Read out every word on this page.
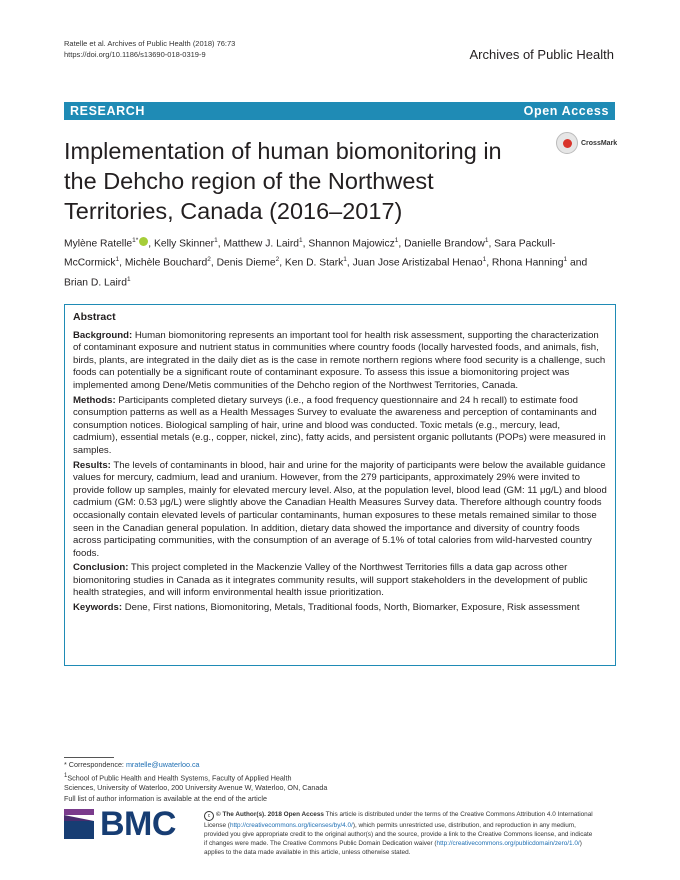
Ratelle et al. Archives of Public Health (2018) 76:73
https://doi.org/10.1186/s13690-018-0319-9	Archives of Public Health
RESEARCH	Open Access
Implementation of human biomonitoring in the Dehcho region of the Northwest Territories, Canada (2016–2017)
CrossMark
Mylène Ratelle$^{1*}$ , Kelly Skinner$^1$, Matthew J. Laird$^1$, Shannon Majowicz$^1$, Danielle Brandow$^1$, Sara Packull-McCormick$^1$, Michèle Bouchard$^2$, Denis Dieme$^2$, Ken D. Stark$^1$, Juan Jose Aristizabal Henao$^1$, Rhona Hanning$^1$ and Brian D. Laird$^1$
Abstract

Background: Human biomonitoring represents an important tool for health risk assessment, supporting the characterization of contaminant exposure and nutrient status in communities where country foods (locally harvested foods, and animals, fish, birds, plants, are integrated in the daily diet as is the case in remote northern regions where food security is a challenge, such foods can potentially be a significant route of contaminant exposure. To assess this issue a biomonitoring project was implemented among Dene/Metis communities of the Dehcho region of the Northwest Territories, Canada.

Methods: Participants completed dietary surveys (i.e., a food frequency questionnaire and 24 h recall) to estimate food consumption patterns as well as a Health Messages Survey to evaluate the awareness and perception of contaminants and consumption notices. Biological sampling of hair, urine and blood was conducted. Toxic metals (e.g., mercury, lead, cadmium), essential metals (e.g., copper, nickel, zinc), fatty acids, and persistent organic pollutants (POPs) were measured in samples.

Results: The levels of contaminants in blood, hair and urine for the majority of participants were below the available guidance values for mercury, cadmium, lead and uranium. However, from the 279 participants, approximately 29% were invited to provide follow up samples, mainly for elevated mercury level. Also, at the population level, blood lead (GM: 11 μg/L) and blood cadmium (GM: 0.53 μg/L) were slightly above the Canadian Health Measures Survey data. Therefore although country foods occasionally contain elevated levels of particular contaminants, human exposures to these metals remained similar to those seen in the Canadian general population. In addition, dietary data showed the importance and diversity of country foods across participating communities, with the consumption of an average of 5.1% of total calories from wild-harvested country foods.

Conclusion: This project completed in the Mackenzie Valley of the Northwest Territories fills a data gap across other biomonitoring studies in Canada as it integrates community results, will support stakeholders in the development of public health strategies, and will inform environmental health issue prioritization.

Keywords: Dene, First nations, Biomonitoring, Metals, Traditional foods, North, Biomarker, Exposure, Risk assessment

* Correspondence: mratelle@uwaterloo.ca
$^1$School of Public Health and Health Systems, Faculty of Applied Health
Sciences, University of Waterloo, 200 University Avenue W, Waterloo, ON, Canada
Full list of author information is available at the end of the article
BMC	c © The Author(s). 2018 Open Access This article is distributed under the terms of the Creative Commons Attribution 4.0 International License (http://creativecommons.org/licenses/by/4.0/), which permits unrestricted use, distribution, and reproduction in any medium, provided you give appropriate credit to the original author(s) and the source, provide a link to the Creative Commons license, and indicate if changes were made. The Creative Commons Public Domain Dedication waiver (http://creativecommons.org/publicdomain/zero/1.0/) applies to the data made available in this article, unless otherwise stated.
